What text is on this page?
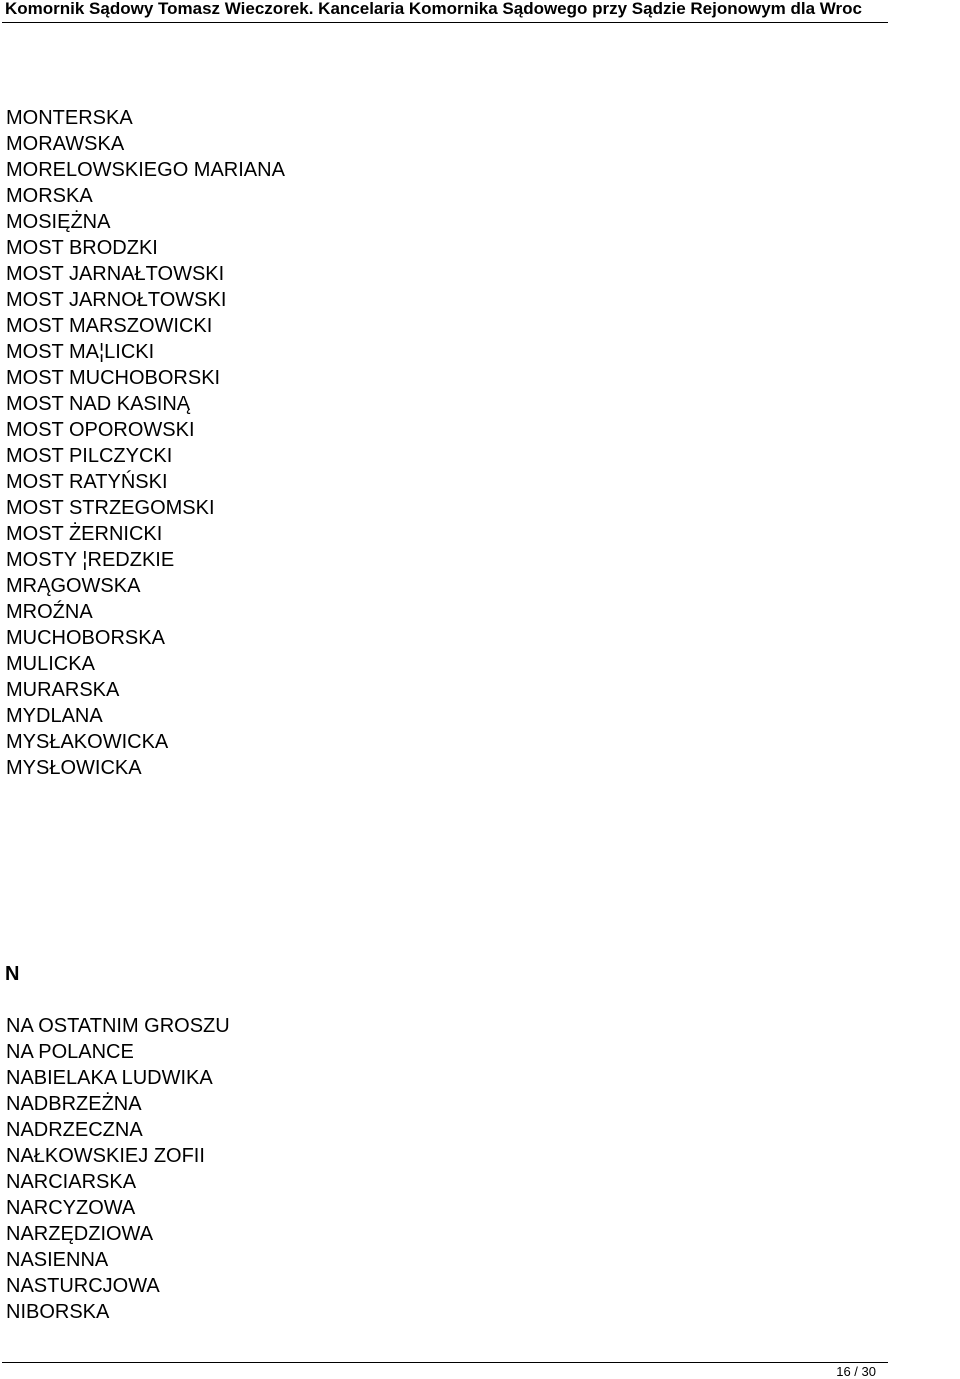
Komornik Sądowy Tomasz Wieczorek. Kancelaria Komornika Sądowego przy Sądzie Rejonowym dla Wroc
MONTERSKA
MORAWSKA
MORELOWSKIEGO MARIANA
MORSKA
MOSIĘŻNA
MOST BRODZKI
MOST JARNAŁTOWSKI
MOST JARNOŁTOWSKI
MOST MARSZOWICKI
MOST MA¦LICKI
MOST MUCHOBORSKI
MOST NAD KASINĄ
MOST OPOROWSKI
MOST PILCZYCKI
MOST RATYŃSKI
MOST STRZEGOMSKI
MOST ŻERNICKI
MOSTY ¦REDZKIE
MRĄGOWSKA
MROŹNA
MUCHOBORSKA
MULICKA
MURARSKA
MYDLANA
MYSŁAKOWICKA
MYSŁOWICKA
N
NA OSTATNIM GROSZU
NA POLANCE
NABIELAKA LUDWIKA
NADBRZEŻNA
NADRZECZNA
NAŁKOWSKIEJ ZOFII
NARCIARSKA
NARCYZOWA
NARZĘDZIOWA
NASIENNA
NASTURCJOWA
NIBORSKA
16 / 30
